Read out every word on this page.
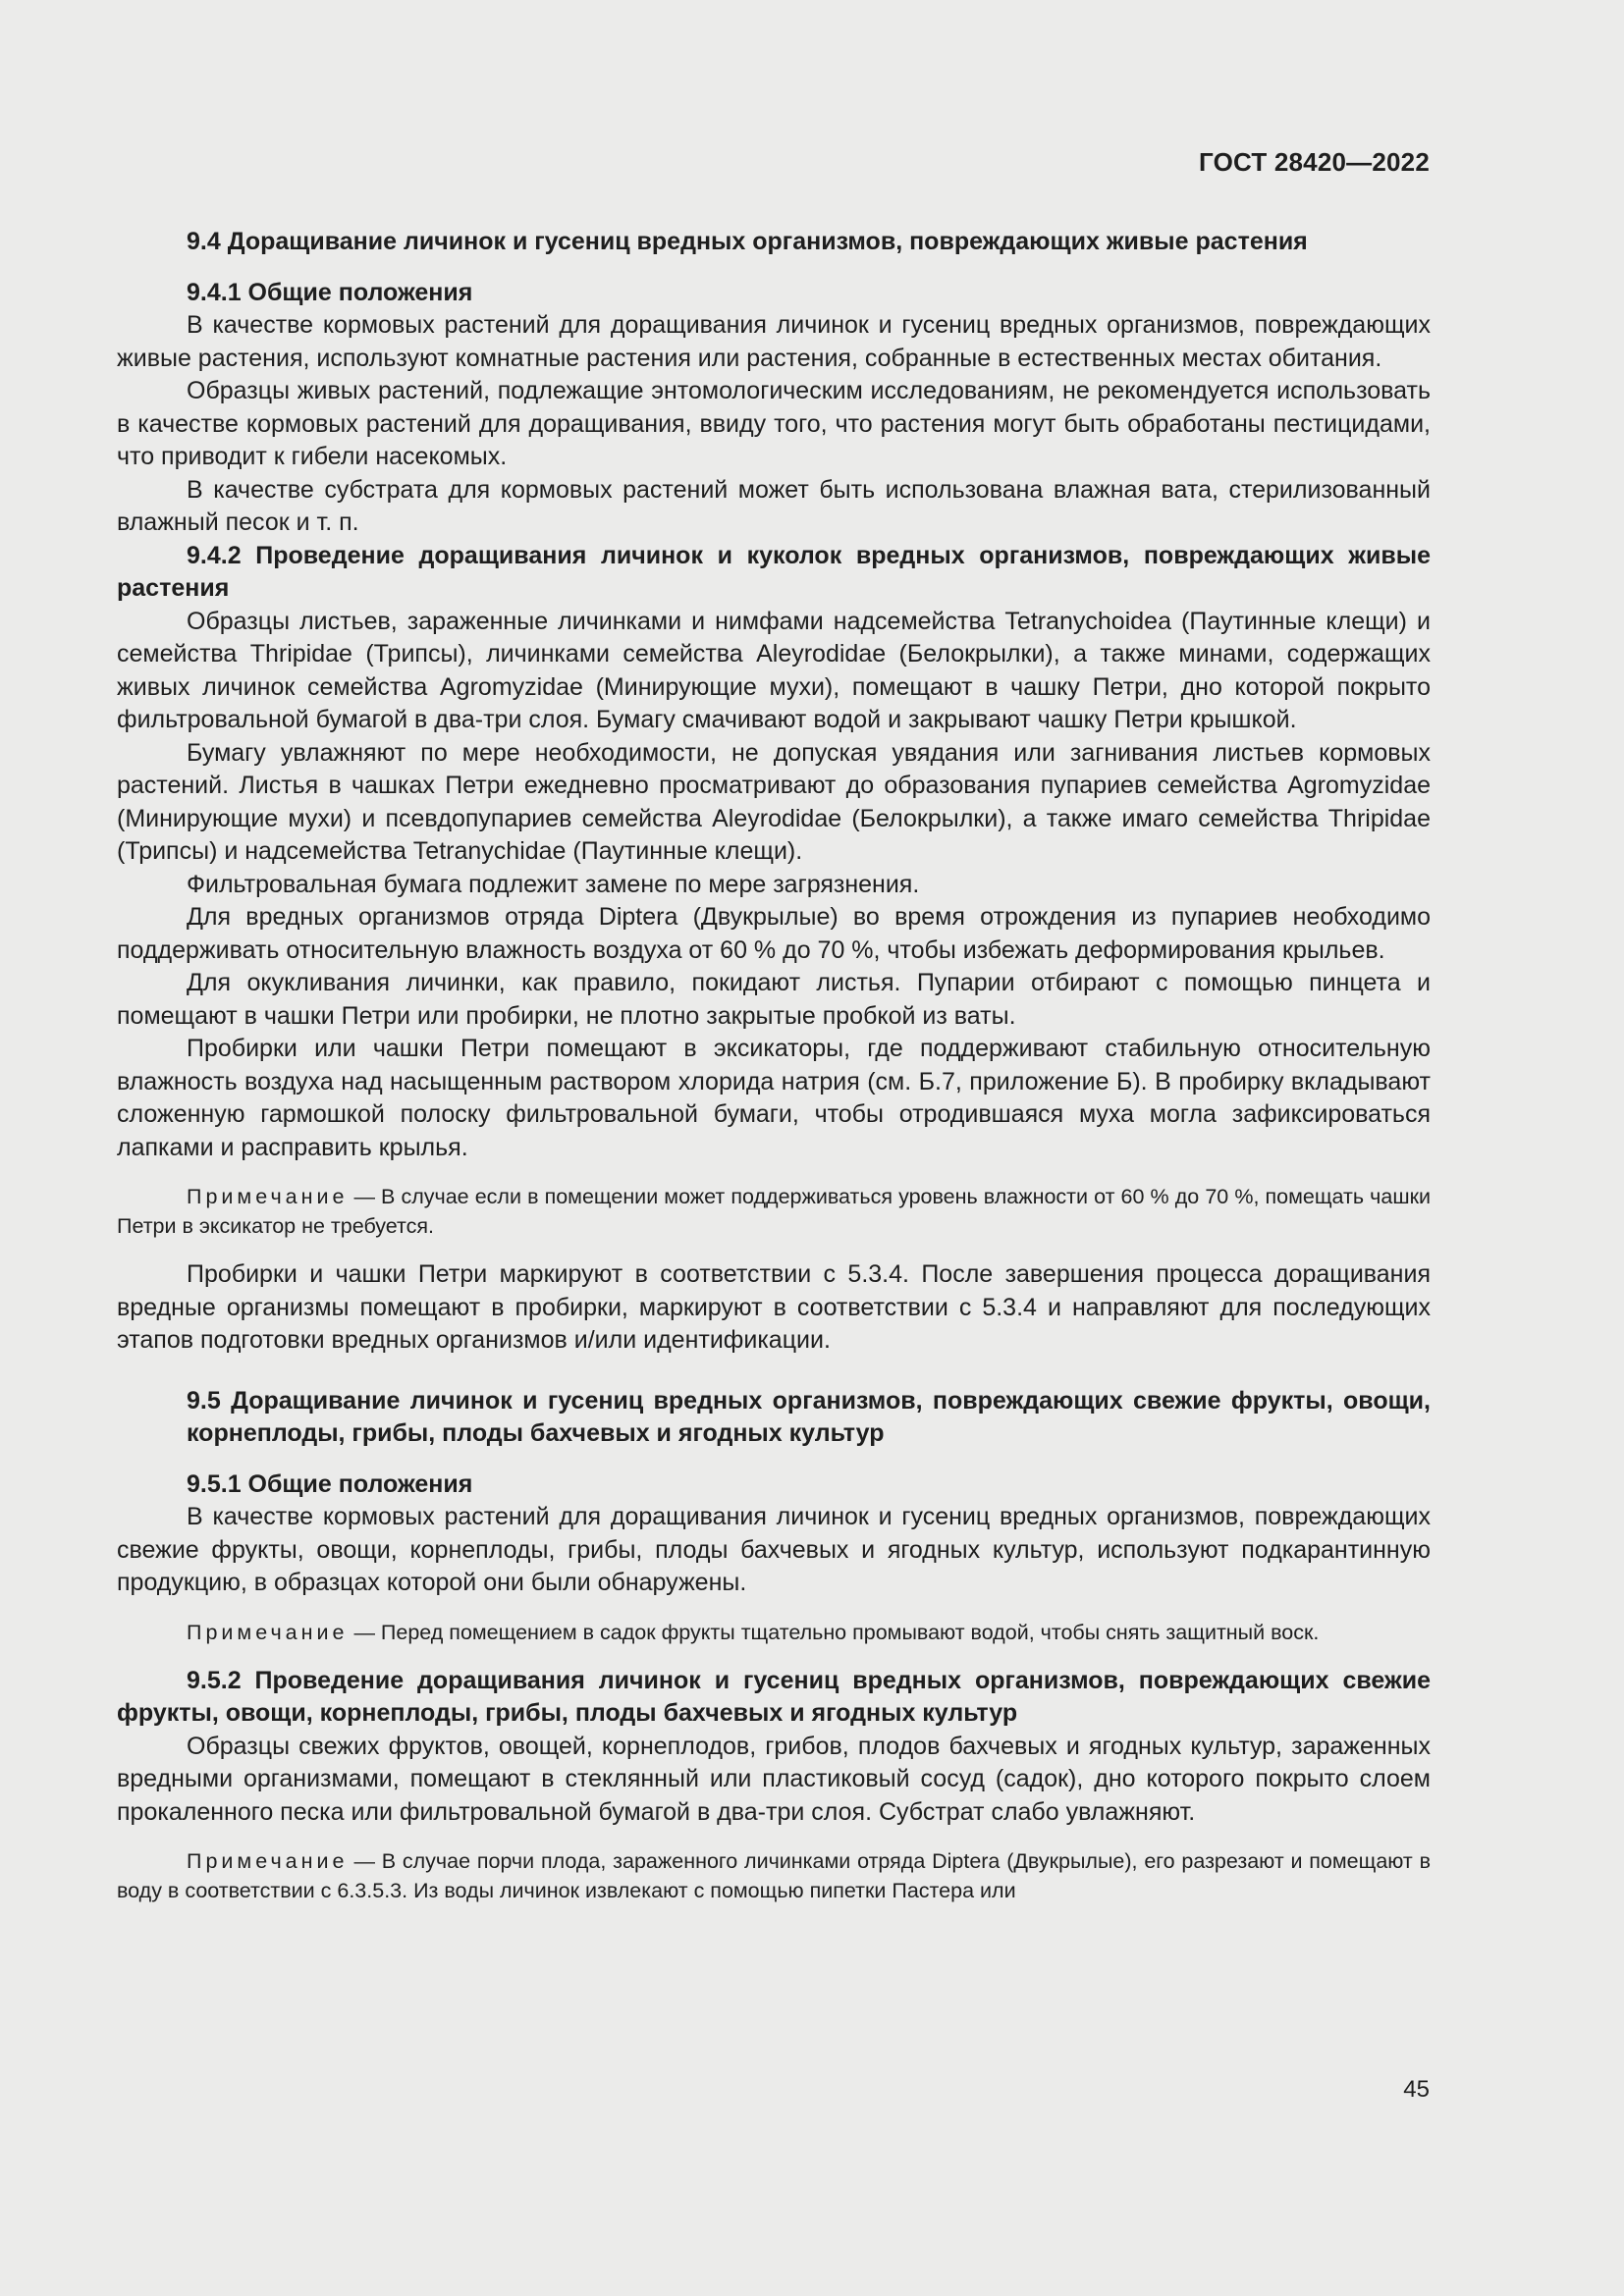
ГОСТ 28420—2022

9.4 Доращивание личинок и гусениц вредных организмов, повреждающих живые растения

9.4.1 Общие положения

В качестве кормовых растений для доращивания личинок и гусениц вредных организмов, повреждающих живые растения, используют комнатные растения или растения, собранные в естественных местах обитания.

Образцы живых растений, подлежащие энтомологическим исследованиям, не рекомендуется использовать в качестве кормовых растений для доращивания, ввиду того, что растения могут быть обработаны пестицидами, что приводит к гибели насекомых.

В качестве субстрата для кормовых растений может быть использована влажная вата, стерилизованный влажный песок и т. п.

9.4.2 Проведение доращивания личинок и куколок вредных организмов, повреждающих живые растения

Образцы листьев, зараженные личинками и нимфами надсемейства Tetranychoidea (Паутинные клещи) и семейства Thripidae (Трипсы), личинками семейства Aleyrodidae (Белокрылки), а также минами, содержащих живых личинок семейства Agromyzidae (Минирующие мухи), помещают в чашку Петри, дно которой покрыто фильтровальной бумагой в два-три слоя. Бумагу смачивают водой и закрывают чашку Петри крышкой.

Бумагу увлажняют по мере необходимости, не допуская увядания или загнивания листьев кормовых растений. Листья в чашках Петри ежедневно просматривают до образования пупариев семейства Agromyzidae (Минирующие мухи) и псевдопупариев семейства Aleyrodidae (Белокрылки), а также имаго семейства Thripidae (Трипсы) и надсемейства Tetranychidae (Паутинные клещи).

Фильтровальная бумага подлежит замене по мере загрязнения.

Для вредных организмов отряда Diptera (Двукрылые) во время отрождения из пупариев необходимо поддерживать относительную влажность воздуха от 60 % до 70 %, чтобы избежать деформирования крыльев.

Для окукливания личинки, как правило, покидают листья. Пупарии отбирают с помощью пинцета и помещают в чашки Петри или пробирки, не плотно закрытые пробкой из ваты.

Пробирки или чашки Петри помещают в эксикаторы, где поддерживают стабильную относительную влажность воздуха над насыщенным раствором хлорида натрия (см. Б.7, приложение Б). В пробирку вкладывают сложенную гармошкой полоску фильтровальной бумаги, чтобы отродившаяся муха могла зафиксироваться лапками и расправить крылья.

Примечание — В случае если в помещении может поддерживаться уровень влажности от 60 % до 70 %, помещать чашки Петри в эксикатор не требуется.

Пробирки и чашки Петри маркируют в соответствии с 5.3.4. После завершения процесса доращивания вредные организмы помещают в пробирки, маркируют в соответствии с 5.3.4 и направляют для последующих этапов подготовки вредных организмов и/или идентификации.

9.5 Доращивание личинок и гусениц вредных организмов, повреждающих свежие фрукты, овощи, корнеплоды, грибы, плоды бахчевых и ягодных культур

9.5.1 Общие положения

В качестве кормовых растений для доращивания личинок и гусениц вредных организмов, повреждающих свежие фрукты, овощи, корнеплоды, грибы, плоды бахчевых и ягодных культур, используют подкарантинную продукцию, в образцах которой они были обнаружены.

Примечание — Перед помещением в садок фрукты тщательно промывают водой, чтобы снять защитный воск.

9.5.2 Проведение доращивания личинок и гусениц вредных организмов, повреждающих свежие фрукты, овощи, корнеплоды, грибы, плоды бахчевых и ягодных культур

Образцы свежих фруктов, овощей, корнеплодов, грибов, плодов бахчевых и ягодных культур, зараженных вредными организмами, помещают в стеклянный или пластиковый сосуд (садок), дно которого покрыто слоем прокаленного песка или фильтровальной бумагой в два-три слоя. Субстрат слабо увлажняют.

Примечание — В случае порчи плода, зараженного личинками отряда Diptera (Двукрылые), его разрезают и помещают в воду в соответствии с 6.3.5.3. Из воды личинок извлекают с помощью пипетки Пастера или

45
